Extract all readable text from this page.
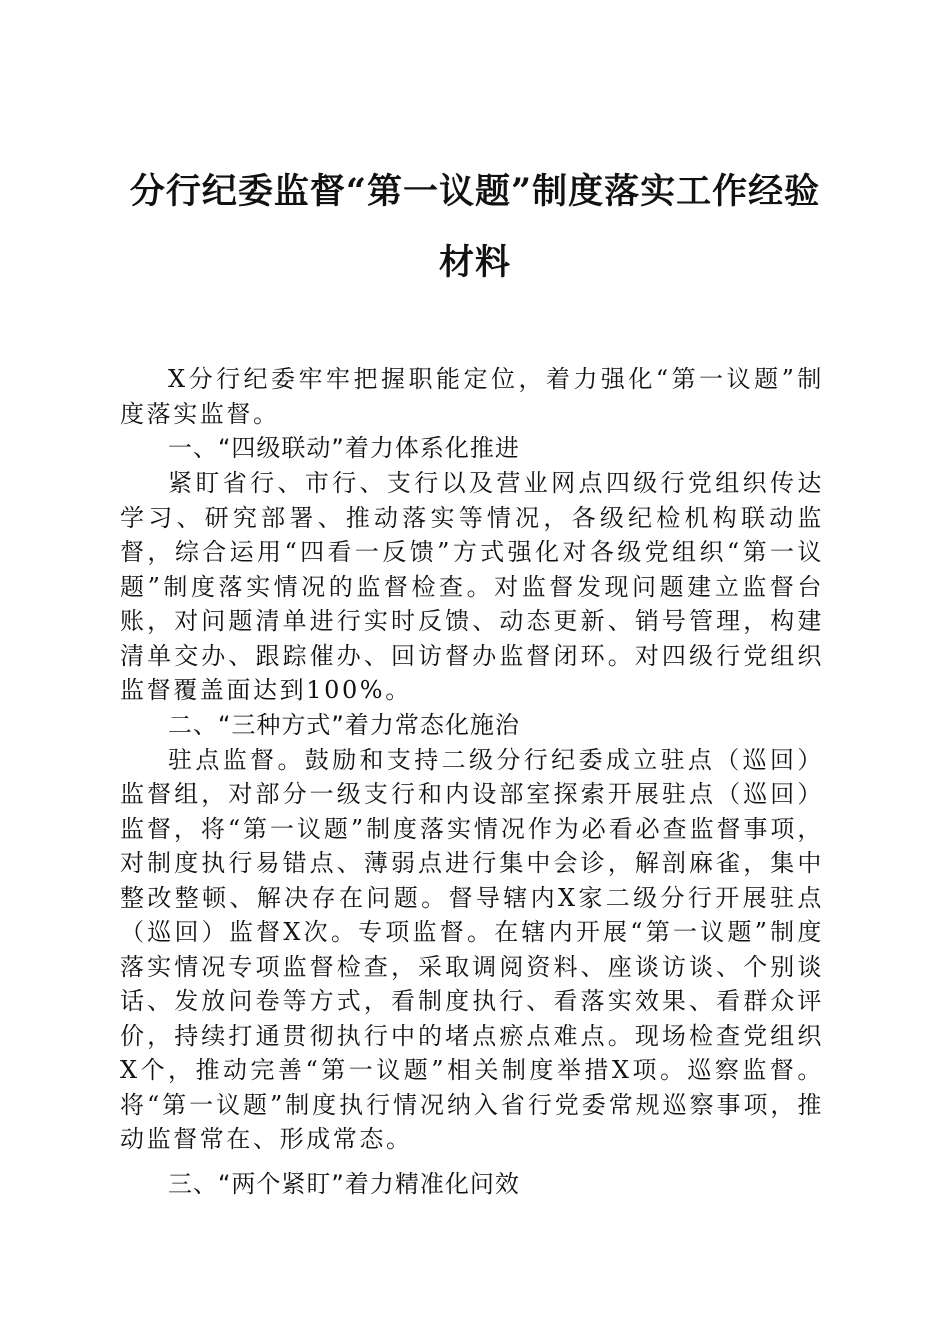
分行纪委监督“第一议题”制度落实工作经验
材料

X分行纪委牢牢把握职能定位，着力强化“第一议题”制度落实监督。

一、“四级联动”着力体系化推进

紧盯省行、市行、支行以及营业网点四级行党组织传达学习、研究部署、推动落实等情况，各级纪检机构联动监督，综合运用“四看一反馈”方式强化对各级党组织“第一议题”制度落实情况的监督检查。对监督发现问题建立监督台账，对问题清单进行实时反馈、动态更新、销号管理，构建清单交办、跟踪催办、回访督办监督闭环。对四级行党组织监督覆盖面达到100%。

二、“三种方式”着力常态化施治

驻点监督。鼓励和支持二级分行纪委成立驻点（巡回）监督组，对部分一级支行和内设部室探索开展驻点（巡回）监督，将“第一议题”制度落实情况作为必看必查监督事项，对制度执行易错点、薄弱点进行集中会诊，解剖麻雀，集中整改整顿、解决存在问题。督导辖内X家二级分行开展驻点（巡回）监督X次。专项监督。在辖内开展“第一议题”制度落实情况专项监督检查，采取调阅资料、座谈访谈、个别谈话、发放问卷等方式，看制度执行、看落实效果、看群众评价，持续打通贯彻执行中的堵点瘀点难点。现场检查党组织X个，推动完善“第一议题”相关制度举措X项。巡察监督。将“第一议题”制度执行情况纳入省行党委常规巡察事项，推动监督常在、形成常态。

三、“两个紧盯”着力精准化问效
